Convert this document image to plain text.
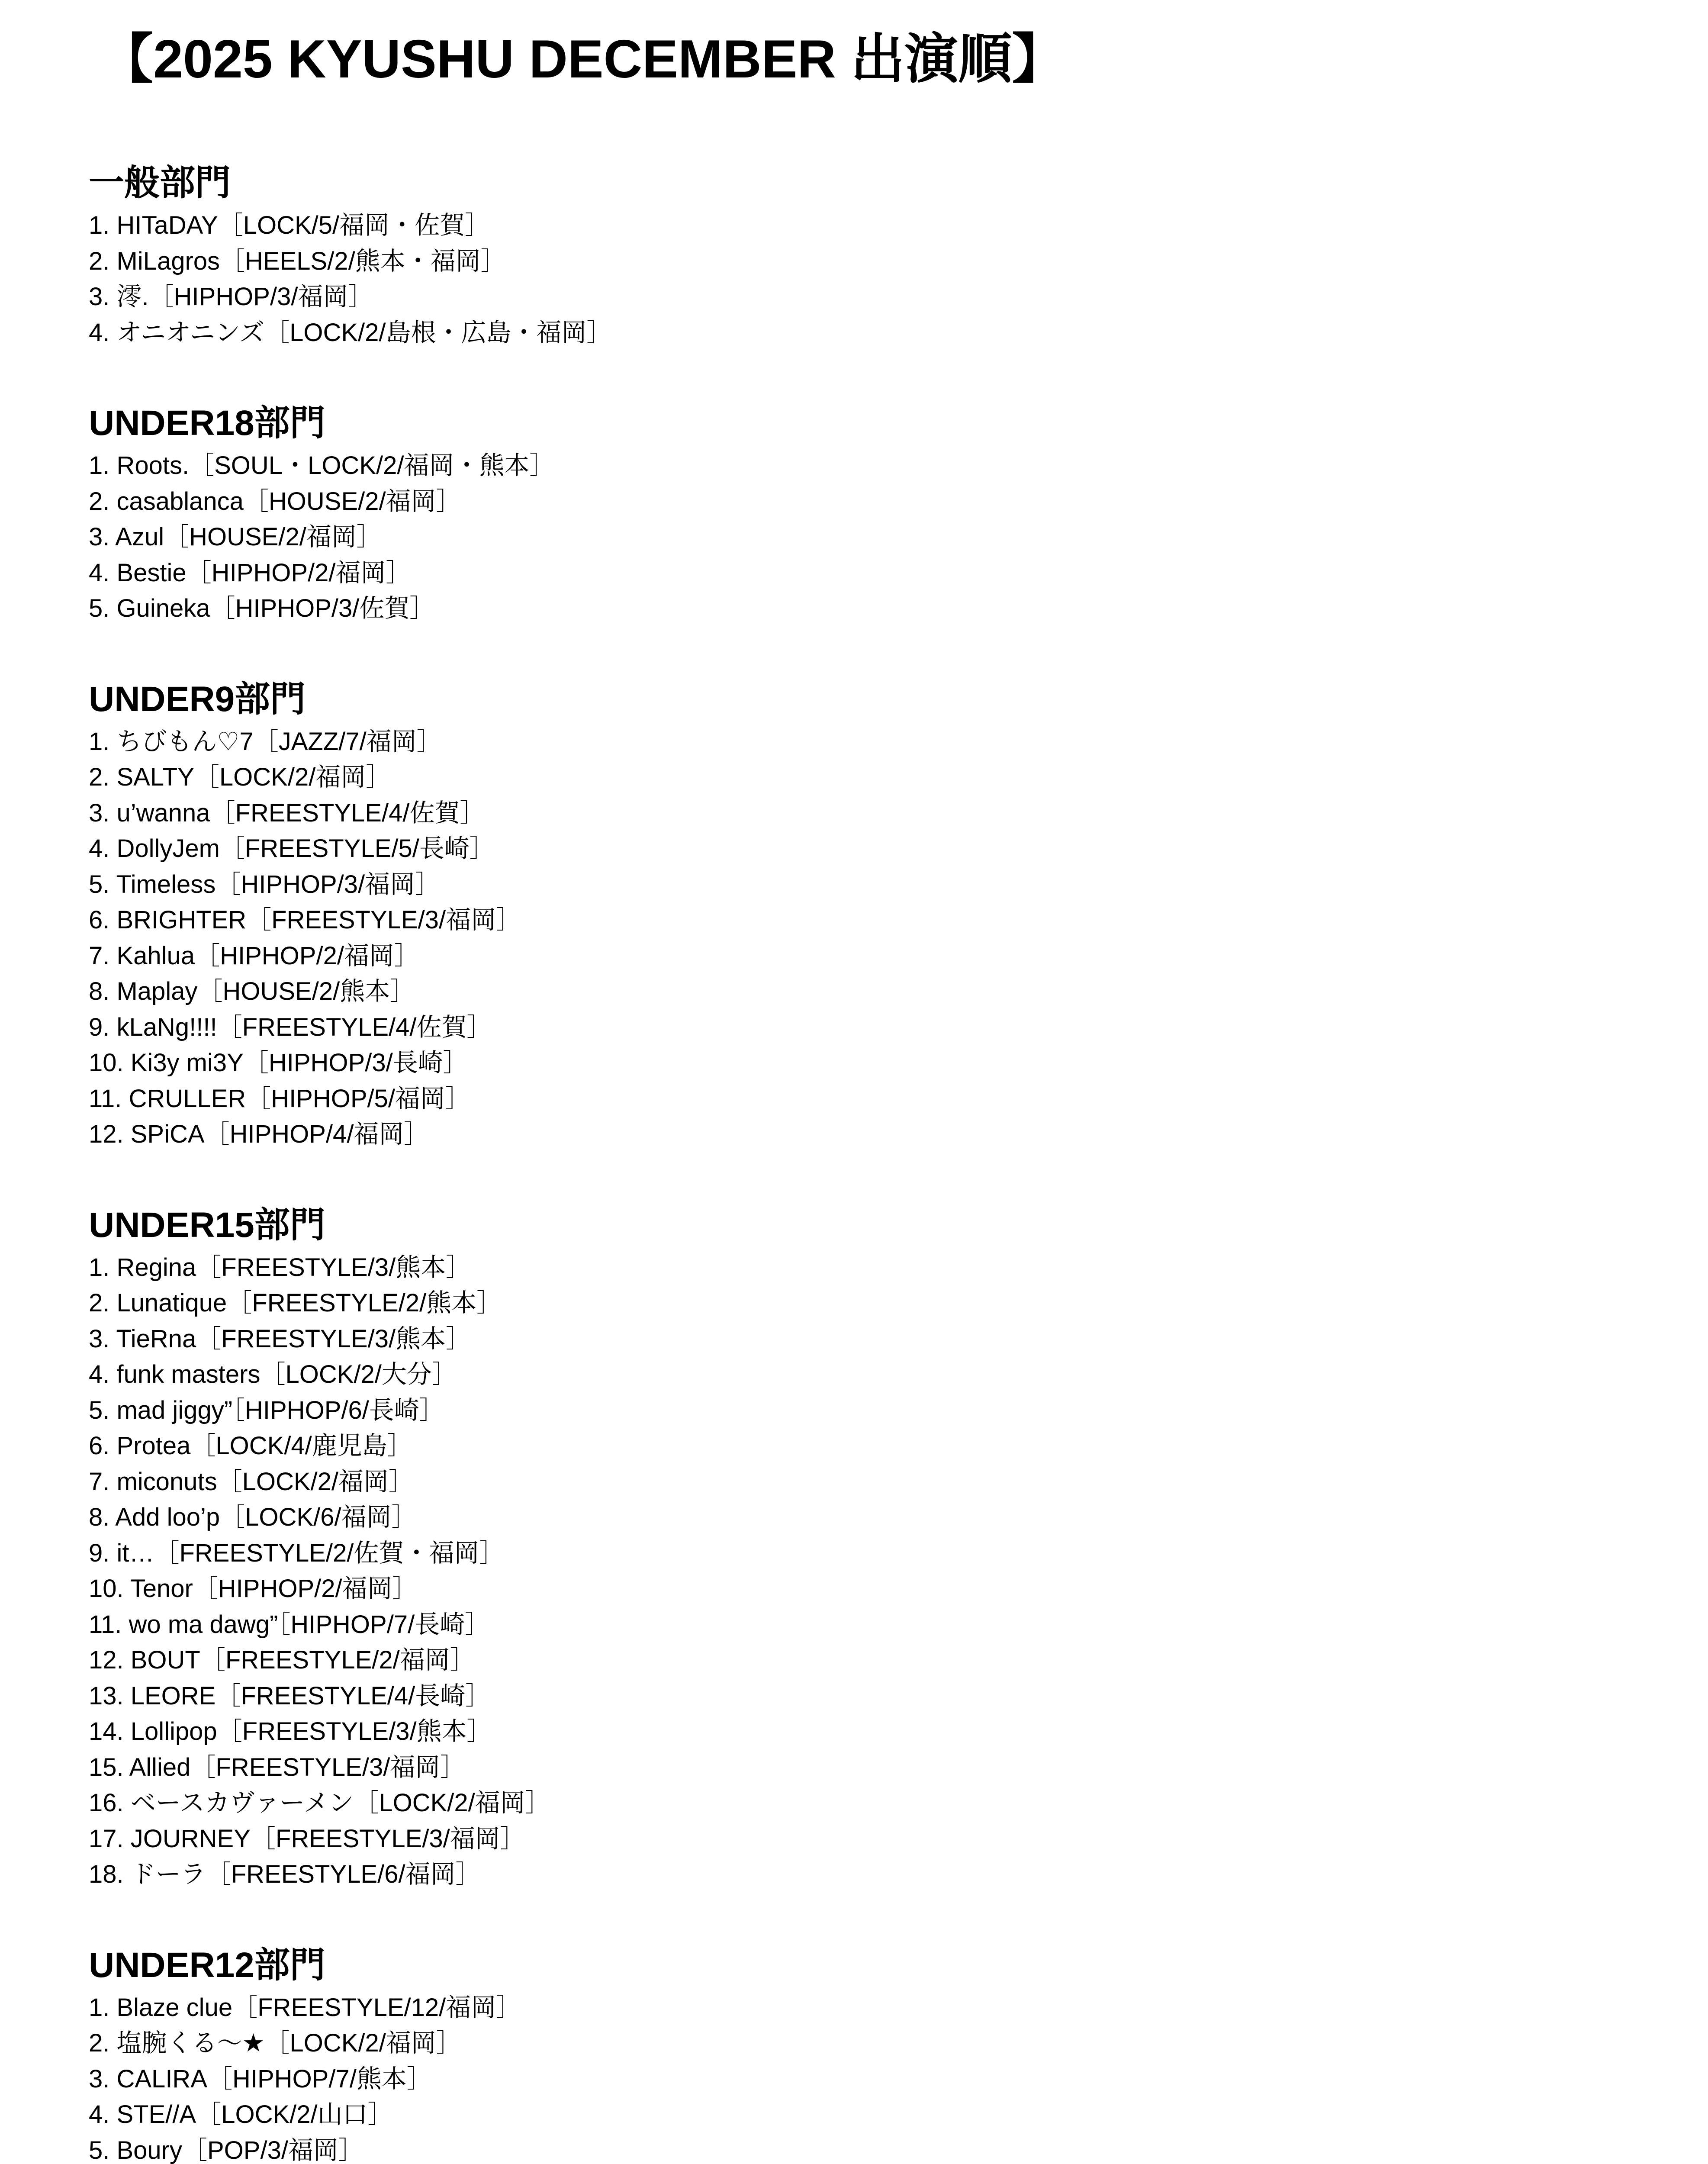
【2025 KYUSHU DECEMBER 出演順】
一般部門
1. HITaDAY［LOCK/5/福岡・佐賀］
2. MiLagros［HEELS/2/熊本・福岡］
3. 澪.［HIPHOP/3/福岡］
4. オニオニンズ［LOCK/2/島根・広島・福岡］
UNDER18部門
1. Roots.［SOUL・LOCK/2/福岡・熊本］
2. casablanca［HOUSE/2/福岡］
3. Azul［HOUSE/2/福岡］
4. Bestie［HIPHOP/2/福岡］
5. Guineka［HIPHOP/3/佐賀］
UNDER9部門
1. ちびもん♡7［JAZZ/7/福岡］
2. SALTY［LOCK/2/福岡］
3. u’wanna［FREESTYLE/4/佐賀］
4. DollyJem［FREESTYLE/5/長崎］
5. Timeless［HIPHOP/3/福岡］
6. BRIGHTER［FREESTYLE/3/福岡］
7. Kahlua［HIPHOP/2/福岡］
8. Maplay［HOUSE/2/熊本］
9. kLaNg!!!!［FREESTYLE/4/佐賀］
10. Ki3y mi3Y［HIPHOP/3/長崎］
11. CRULLER［HIPHOP/5/福岡］
12. SPiCA［HIPHOP/4/福岡］
UNDER15部門
1. Regina［FREESTYLE/3/熊本］
2. Lunatique［FREESTYLE/2/熊本］
3. TieRna［FREESTYLE/3/熊本］
4. funk masters［LOCK/2/大分］
5. mad jiggy”［HIPHOP/6/長崎］
6. Protea［LOCK/4/鹿児島］
7. miconuts［LOCK/2/福岡］
8. Add loo’p［LOCK/6/福岡］
9. it…［FREESTYLE/2/佐賀・福岡］
10. Tenor［HIPHOP/2/福岡］
11. wo ma dawg”［HIPHOP/7/長崎］
12. BOUT［FREESTYLE/2/福岡］
13. LEORE［FREESTYLE/4/長崎］
14. Lollipop［FREESTYLE/3/熊本］
15. Allied［FREESTYLE/3/福岡］
16. ベースカヴァーメン［LOCK/2/福岡］
17. JOURNEY［FREESTYLE/3/福岡］
18. ドーラ［FREESTYLE/6/福岡］
UNDER12部門
1. Blaze clue［FREESTYLE/12/福岡］
2. 塩腕くる〜★［LOCK/2/福岡］
3. CALIRA［HIPHOP/7/熊本］
4. STE//A［LOCK/2/山口］
5. Boury［POP/3/福岡］
